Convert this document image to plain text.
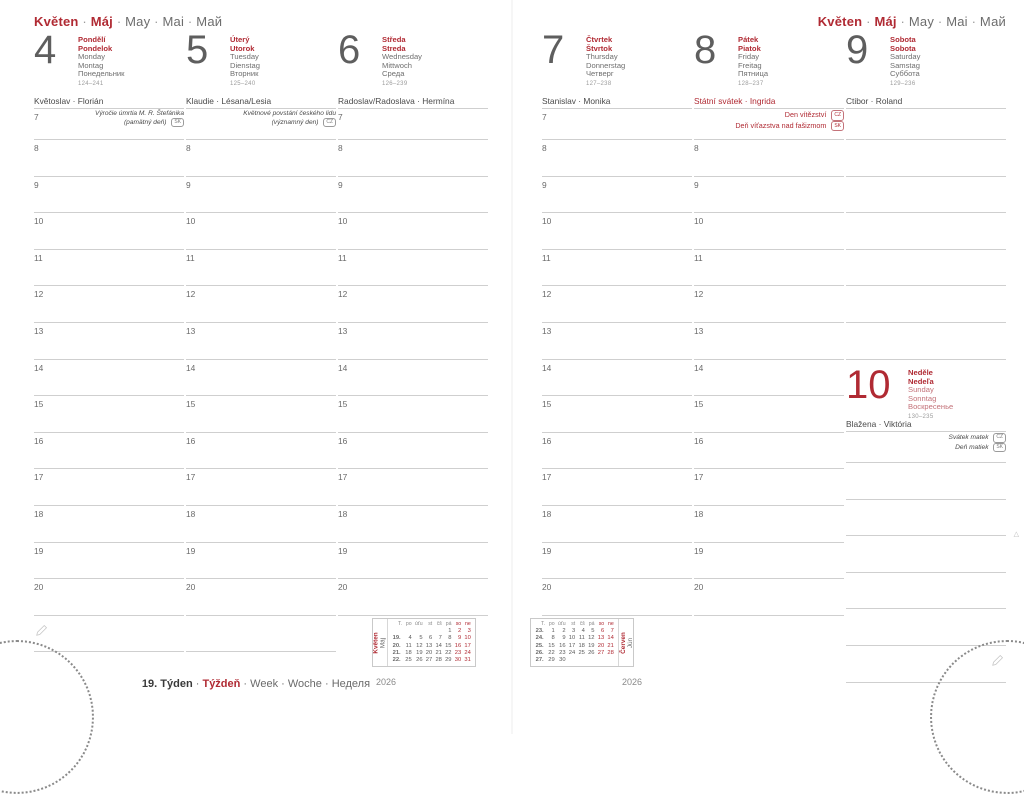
Květen · Máj · May · Mai · Май
4	Pondělí
Pondelok
Monday
Montag
Понедельник
124–241
Květoslav · Florián
7	Výročie úmrtia M. R. Štefánika
(pamätný deň) SK
8
9
10
11
12
13
14
15
16
17
18
19
20
5	Úterý
Utorok
Tuesday
Dienstag
Вторник
125–240
Klaudie · Lésana/Lesia
Květnové povstání českého lidu
(významný den) CZ
8
9
10
11
12
13
14
15
16
17
18
19
20
6	Středa
Streda
Wednesday
Mittwoch
Среда
126–239
Radoslav/Radoslava · Hermína
7
8
9
10
11
12
13
14
15
16
17
18
19
20
Květen Máj
T.	po	úťu	st	čš	pá	so	ne
					1	2	3
19.	4	5	6	7	8	9	10
20.	11	12	13	14	15	16	17
21.	18	19	20	21	22	23	24
22.	25	26	27	28	29	30	31
2026
19. Týden · Týždeň · Week · Woche · Неделя
Květen · Máj · May · Mai · Май
7	Čtvrtek
Štvrtok
Thursday
Donnerstag
Четверг
127–238
Stanislav · Monika
7
8
9
10
11
12
13
14
15
16
17
18
19
20
8	Pátek
Piatok
Friday
Freitag
Пятница
128–237
Státní svátek · Ingrida
Den vítězství CZ
Deň víťazstva nad fašizmom SK
8
9
10
11
12
13
14
15
16
17
18
19
20
9	Sobota
Sobota
Saturday
Samstag
Суббота
129–236
Ctibor · Roland
10 Neděle
Nedeľa
Sunday
Sonntag
Воскресенье
130–235
Blažena · Viktória
Svátek matek CZ
Deň matiek SK
T.	po	úťu	st	čš	pá	so	ne
23.	1	2	3	4	5	6	7
24.	8	9	10	11	12	13	14
25.	15	16	17	18	19	20	21
26.	22	23	24	25	26	27	28
27.	29	30					
Červen Jún
2026
△
